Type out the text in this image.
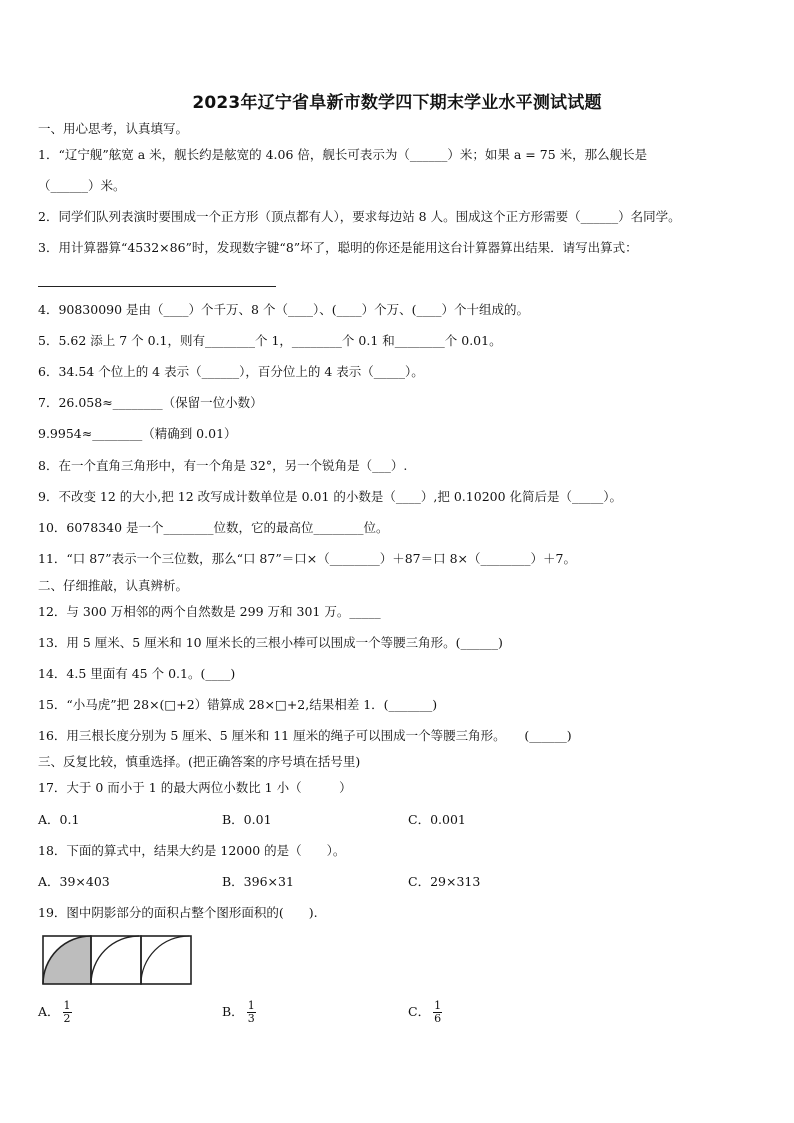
2023年辽宁省阜新市数学四下期末学业水平测试试题
一、用心思考，认真填写。
1．“辽宁舰”舷宽 a 米，舰长约是舷宽的 4.06 倍，舰长可表示为（______）米；如果 a = 75 米，那么舰长是
（______）米。
2．同学们队列表演时要围成一个正方形（顶点都有人），要求每边站 8 人。围成这个正方形需要（______）名同学。
3．用计算器算“4532×86”时，发现数字键“8”坏了，聪明的你还是能用这台计算器算出结果．请写出算式：
4．90830090 是由（____）个千万、8 个（____）、(____）个万、(____）个十组成的。
5．5.62 添上 7 个 0.1，则有________个 1，________个 0.1 和________个 0.01。
6．34.54 个位上的 4 表示（______），百分位上的 4 表示（_____）。
7．26.058≈________（保留一位小数）
9.9954≈________（精确到 0.01）
8．在一个直角三角形中，有一个角是 32°，另一个锐角是（___）.
9．不改变 12 的大小,把 12 改写成计数单位是 0.01 的小数是（____）,把 0.10200 化简后是（_____）。
10．6078340 是一个________位数，它的最高位________位。
11．“口 87”表示一个三位数，那么“口 87”＝口×（________）＋87＝口 8×（________）＋7。
二、仔细推敲，认真辨析。
12．与 300 万相邻的两个自然数是 299 万和 301 万。_____
13．用 5 厘米、5 厘米和 10 厘米长的三根小棒可以围成一个等腰三角形。(______)
14．4.5 里面有 45 个 0.1。(____)
15．“小马虎”把 28×(□+2）错算成 28×□+2,结果相差 1．(_______)
16．用三根长度分别为 5 厘米、5 厘米和 11 厘米的绳子可以围成一个等腰三角形。　　(______)
三、反复比较，慎重选择。(把正确答案的序号填在括号里)
17．大于 0 而小于 1 的最大两位小数比 1 小（　　　）
A．0.1	B．0.01	C．0.001
18．下面的算式中，结果大约是 12000 的是（　　）。
A．39×403	B．396×31	C．29×313
19．图中阴影部分的面积占整个图形面积的(　　).
A． $\frac{1}{2}$	B． $\frac{1}{3}$	C． $\frac{1}{6}$
